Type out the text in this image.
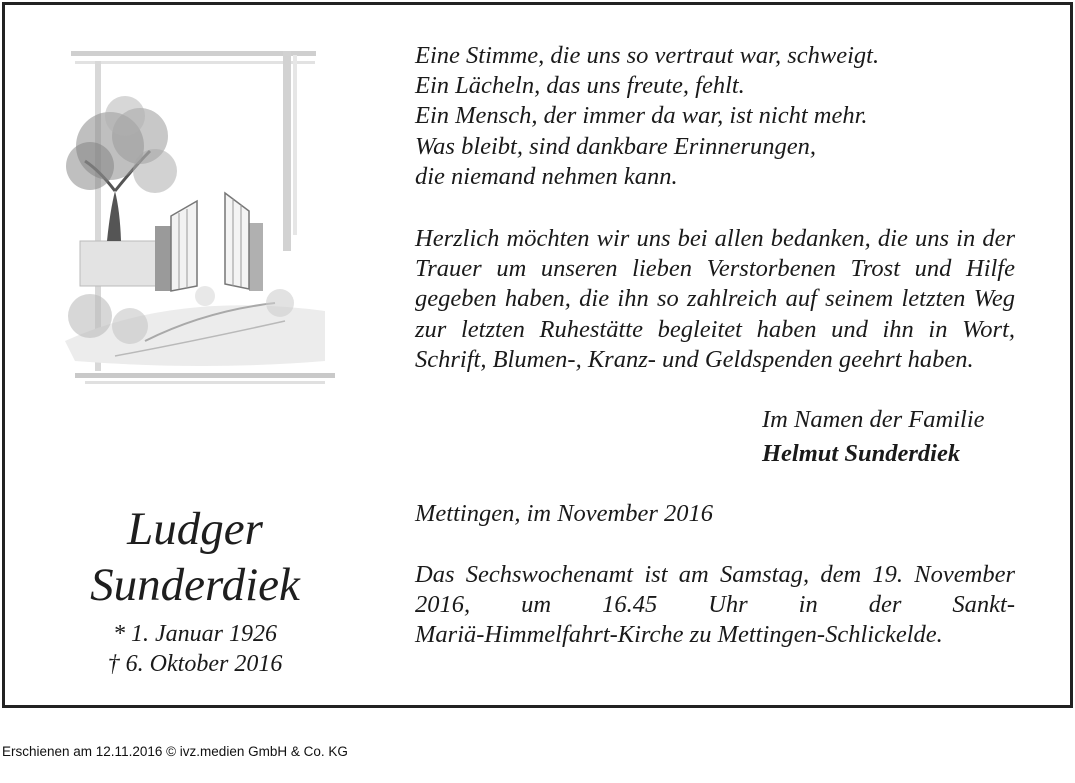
Ludger
Sunderdiek
* 1. Januar 1926
† 6. Oktober 2016
Eine Stimme, die uns so vertraut war, schweigt.
Ein Lächeln, das uns freute, fehlt.
Ein Mensch, der immer da war, ist nicht mehr.
Was bleibt, sind dankbare Erinnerungen,
die niemand nehmen kann.

Herzlich möchten wir uns bei allen bedanken, die uns in der Trauer um unseren lieben Verstorbenen Trost und Hilfe gegeben haben, die ihn so zahlreich auf seinem letzten Weg zur letzten Ruhestätte begleitet haben und ihn in Wort, Schrift, Blumen-, Kranz- und Geldspenden geehrt haben.

Im Namen der Familie
Helmut Sunderdiek
Mettingen, im November 2016

Das Sechswochenamt ist am Samstag, dem 19. November 2016, um 16.45 Uhr in der Sankt-

Mariä-Himmelfahrt-Kirche zu Mettingen-Schlickelde.
Erschienen am 12.11.2016 © ivz.medien GmbH & Co. KG
